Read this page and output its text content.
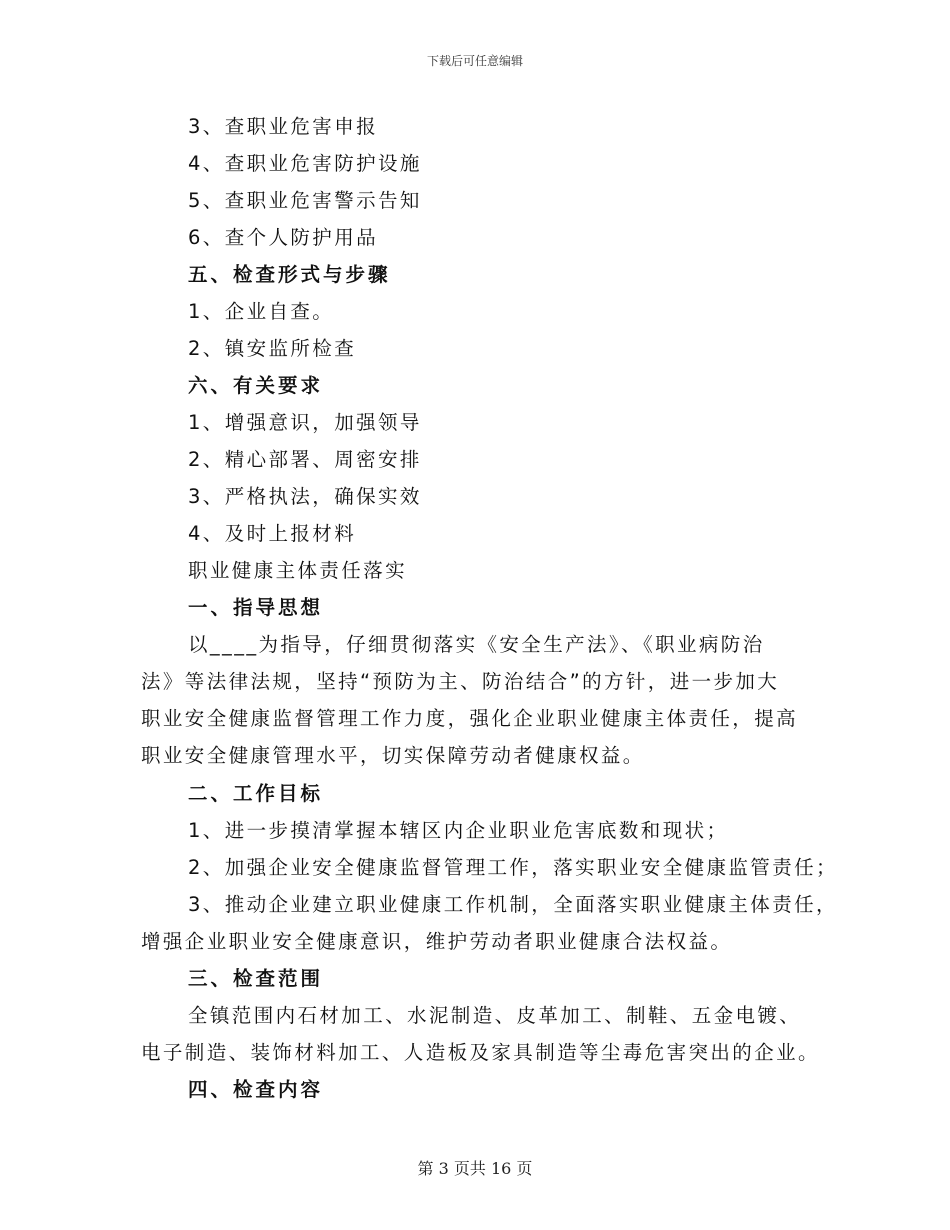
下载后可任意编辑
3、查职业危害申报
4、查职业危害防护设施
5、查职业危害警示告知
6、查个人防护用品
五、检查形式与步骤
1、企业自查。
2、镇安监所检查
六、有关要求
1、增强意识，加强领导
2、精心部署、周密安排
3、严格执法，确保实效
4、及时上报材料
职业健康主体责任落实
一、指导思想
以____为指导，仔细贯彻落实《安全生产法》、《职业病防治
法》等法律法规，坚持“预防为主、防治结合”的方针，进一步加大
职业安全健康监督管理工作力度，强化企业职业健康主体责任，提高
职业安全健康管理水平，切实保障劳动者健康权益。
二、工作目标
1、进一步摸清掌握本辖区内企业职业危害底数和现状；
2、加强企业安全健康监督管理工作，落实职业安全健康监管责任；
3、推动企业建立职业健康工作机制，全面落实职业健康主体责任，
增强企业职业安全健康意识，维护劳动者职业健康合法权益。
三、检查范围
全镇范围内石材加工、水泥制造、皮革加工、制鞋、五金电镀、
电子制造、装饰材料加工、人造板及家具制造等尘毒危害突出的企业。
四、检查内容
第 3 页共 16 页
